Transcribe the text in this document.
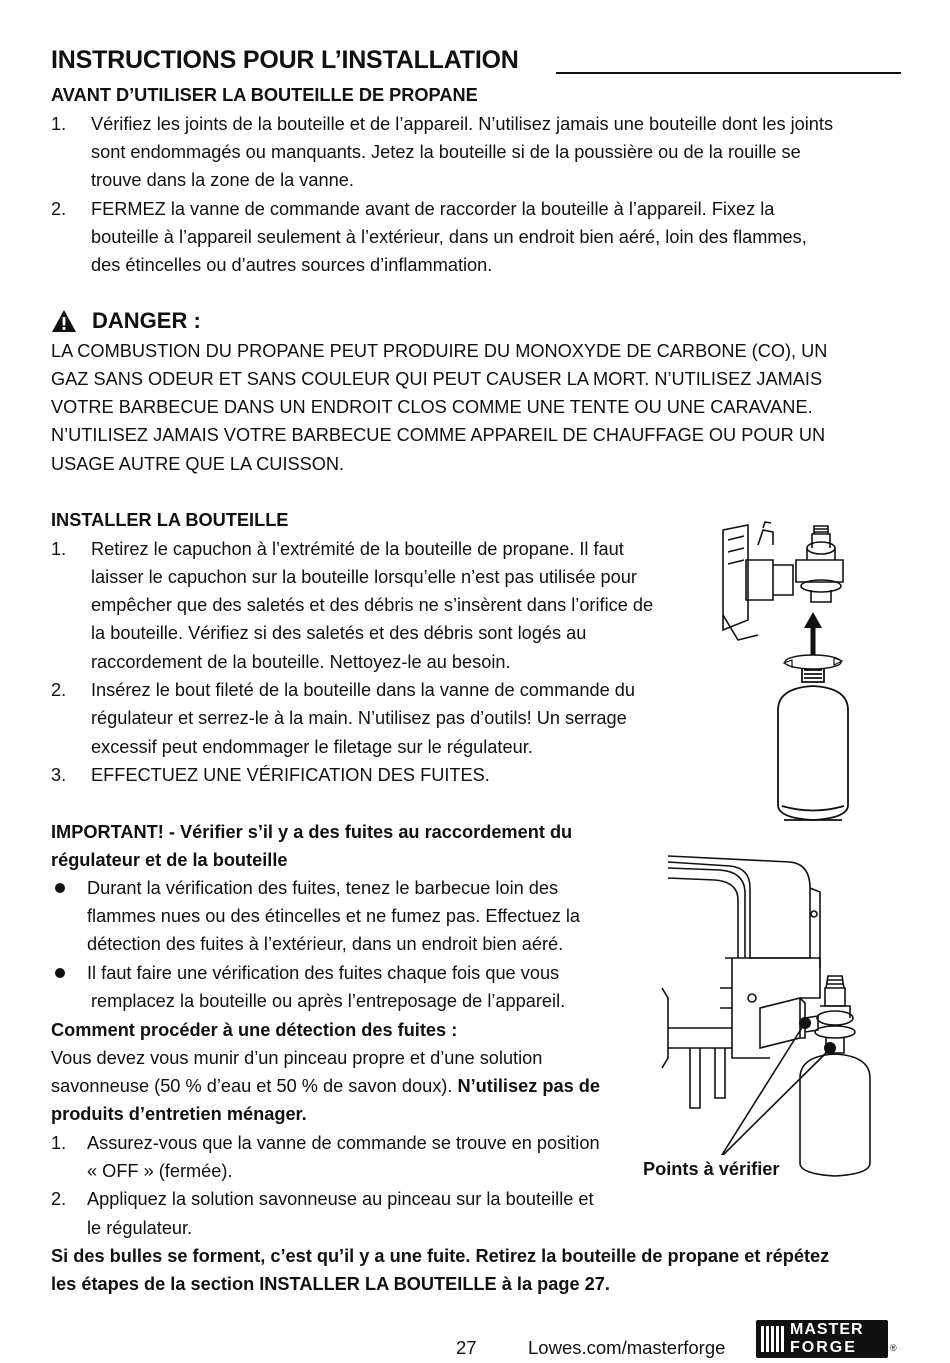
INSTRUCTIONS POUR L’INSTALLATION
AVANT D’UTILISER LA BOUTEILLE DE PROPANE
1. Vérifiez les joints de la bouteille et de l’appareil. N’utilisez jamais une bouteille dont les joints
sont endommagés ou manquants. Jetez la bouteille si de la poussière ou de la rouille se
trouve dans la zone de la vanne.
2. FERMEZ la vanne de commande avant de raccorder la bouteille à l’appareil. Fixez la
bouteille à l’appareil seulement à l’extérieur, dans un endroit bien aéré, loin des flammes,
des étincelles ou d’autres sources d’inflammation.
DANGER :
LA COMBUSTION DU PROPANE PEUT PRODUIRE DU MONOXYDE DE CARBONE (CO), UN
GAZ SANS ODEUR ET SANS COULEUR QUI PEUT CAUSER LA MORT. N’UTILISEZ JAMAIS
VOTRE BARBECUE DANS UN ENDROIT CLOS COMME UNE TENTE OU UNE CARAVANE.
N’UTILISEZ JAMAIS VOTRE BARBECUE COMME APPAREIL DE CHAUFFAGE OU POUR UN
USAGE AUTRE QUE LA CUISSON.
INSTALLER LA BOUTEILLE
1. Retirez le capuchon à l’extrémité de la bouteille de propane. Il faut
laisser le capuchon sur la bouteille lorsqu’elle n’est pas utilisée pour
empêcher que des saletés et des débris ne s’insèrent dans l’orifice de
la bouteille. Vérifiez si des saletés et des débris sont logés au
raccordement de la bouteille. Nettoyez-le au besoin.
2. Insérez le bout fileté de la bouteille dans la vanne de commande du
régulateur et serrez-le à la main. N’utilisez pas d’outils! Un serrage
excessif peut endommager le filetage sur le régulateur.
3. EFFECTUEZ UNE VÉRIFICATION DES FUITES.
IMPORTANT! - Vérifier s’il y a des fuites au raccordement du
régulateur et de la bouteille
Durant la vérification des fuites, tenez le barbecue loin des
flammes nues ou des étincelles et ne fumez pas. Effectuez la
détection des fuites à l’extérieur, dans un endroit bien aéré.
Il faut faire une vérification des fuites chaque fois que vous
remplacez la bouteille ou après l’entreposage de l’appareil.
Comment procéder à une détection des fuites :
Vous devez vous munir d’un pinceau propre et d’une solution
savonneuse (50 % d’eau et 50 % de savon doux). N’utilisez pas de
produits d’entretien ménager.
1. Assurez-vous que la vanne de commande se trouve en position
« OFF » (fermée).
2. Appliquez la solution savonneuse au pinceau sur la bouteille et
le régulateur.
Si des bulles se forment, c’est qu’il y a une fuite. Retirez la bouteille de propane et répétez
les étapes de la section INSTALLER LA BOUTEILLE à la page 27.
Points à vérifier
27	Lowes.com/masterforge
MASTER
FORGE	®
